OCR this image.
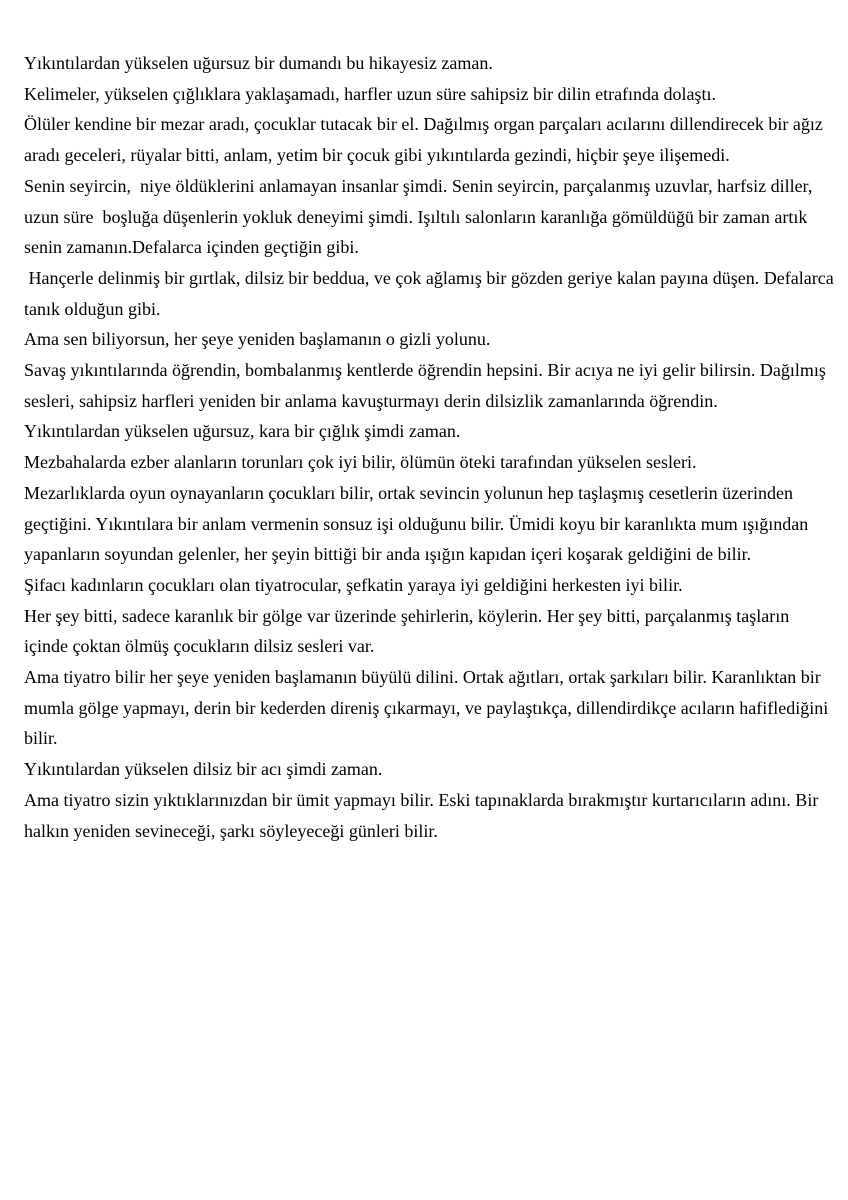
Yıkıntılardan yükselen uğursuz bir dumandı bu hikayesiz zaman.

Kelimeler, yükselen çığlıklara yaklaşamadı, harfler uzun süre sahipsiz bir dilin etrafında dolaştı.

Ölüler kendine bir mezar aradı, çocuklar tutacak bir el. Dağılmış organ parçaları acılarını dillendirecek bir ağız aradı geceleri, rüyalar bitti, anlam, yetim bir çocuk gibi yıkıntılarda gezindi, hiçbir şeye ilişemedi.

Senin seyircin,  niye öldüklerini anlamayan insanlar şimdi. Senin seyircin, parçalanmış uzuvlar, harfsiz diller, uzun süre  boşluğa düşenlerin yokluk deneyimi şimdi. Işıltılı salonların karanlığa gömüldüğü bir zaman artık senin zamanın.Defalarca içinden geçtiğin gibi.

Hançerle delinmiş bir gırtlak, dilsiz bir beddua, ve çok ağlamış bir gözden geriye kalan payına düşen. Defalarca tanık olduğun gibi.

Ama sen biliyorsun, her şeye yeniden başlamanın o gizli yolunu.

Savaş yıkıntılarında öğrendin, bombalanmış kentlerde öğrendin hepsini. Bir acıya ne iyi gelir bilirsin. Dağılmış sesleri, sahipsiz harfleri yeniden bir anlama kavuşturmayı derin dilsizlik zamanlarında öğrendin.

Yıkıntılardan yükselen uğursuz, kara bir çığlık şimdi zaman.

Mezbahalarda ezber alanların torunları çok iyi bilir, ölümün öteki tarafından yükselen sesleri.

Mezarlıklarda oyun oynayanların çocukları bilir, ortak sevincin yolunun hep taşlaşmış cesetlerin üzerinden geçtiğini. Yıkıntılara bir anlam vermenin sonsuz işi olduğunu bilir. Ümidi koyu bir karanlıkta mum ışığından yapanların soyundan gelenler, her şeyin bittiği bir anda ışığın kapıdan içeri koşarak geldiğini de bilir.

Şifacı kadınların çocukları olan tiyatrocular, şefkatin yaraya iyi geldiğini herkesten iyi bilir.

Her şey bitti, sadece karanlık bir gölge var üzerinde şehirlerin, köylerin. Her şey bitti, parçalanmış taşların içinde çoktan ölmüş çocukların dilsiz sesleri var.

Ama tiyatro bilir her şeye yeniden başlamanın büyülü dilini. Ortak ağıtları, ortak şarkıları bilir. Karanlıktan bir mumla gölge yapmayı, derin bir kederden direniş çıkarmayı, ve paylaştıkça, dillendirdikçe acıların hafiflediğini bilir.

Yıkıntılardan yükselen dilsiz bir acı şimdi zaman.

Ama tiyatro sizin yıktıklarınızdan bir ümit yapmayı bilir. Eski tapınaklarda bırakmıştır kurtarıcıların adını. Bir halkın yeniden sevineceği, şarkı söyleyeceği günleri bilir.
